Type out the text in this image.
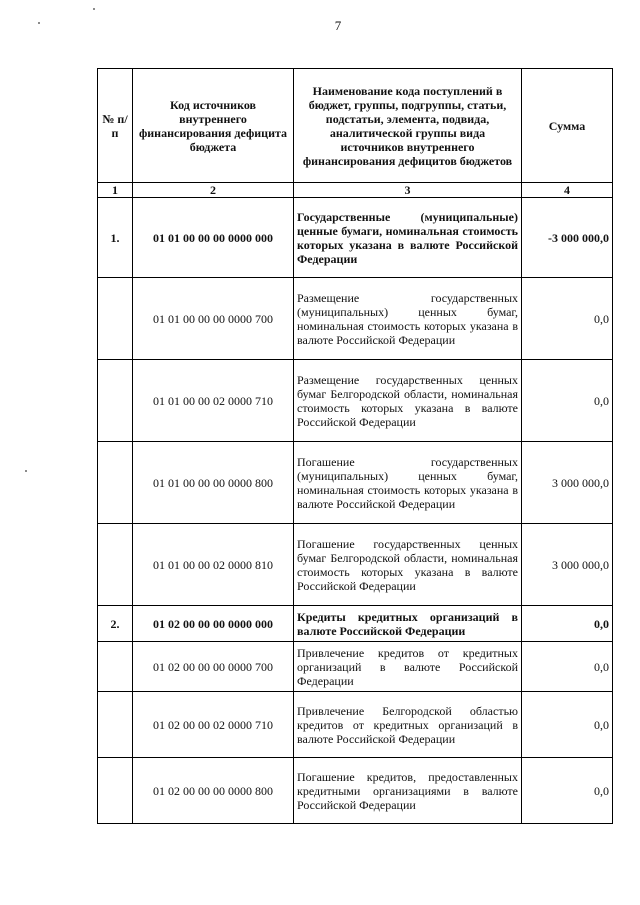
7
№ п/п	Код источников внутреннего финансирования дефицита бюджета	Наименование кода поступлений в бюджет, группы, подгруппы, статьи, подстатьи, элемента, подвида, аналитической группы вида источников внутреннего финансирования дефицитов бюджетов	Сумма
1	2	3	4
1.	01 01 00 00 00 0000 000	Государственные (муниципальные) ценные бумаги, номинальная стоимость которых указана в валюте Российской Федерации	-3 000 000,0
	01 01 00 00 00 0000 700	Размещение государственных (муниципальных) ценных бумаг, номинальная стоимость которых указана в валюте Российской Федерации	0,0
	01 01 00 00 02 0000 710	Размещение государственных ценных бумаг Белгородской области, номинальная стоимость которых указана в валюте Российской Федерации	0,0
	01 01 00 00 00 0000 800	Погашение государственных (муниципальных) ценных бумаг, номинальная стоимость которых указана в валюте Российской Федерации	3 000 000,0
	01 01 00 00 02 0000 810	Погашение государственных ценных бумаг Белгородской области, номинальная стоимость которых указана в валюте Российской Федерации	3 000 000,0
2.	01 02 00 00 00 0000 000	Кредиты кредитных организаций в валюте Российской Федерации	0,0
	01 02 00 00 00 0000 700	Привлечение кредитов от кредитных организаций в валюте Российской Федерации	0,0
	01 02 00 00 02 0000 710	Привлечение Белгородской областью кредитов от кредитных организаций в валюте Российской Федерации	0,0
	01 02 00 00 00 0000 800	Погашение кредитов, предоставленных кредитными организациями в валюте Российской Федерации	0,0
